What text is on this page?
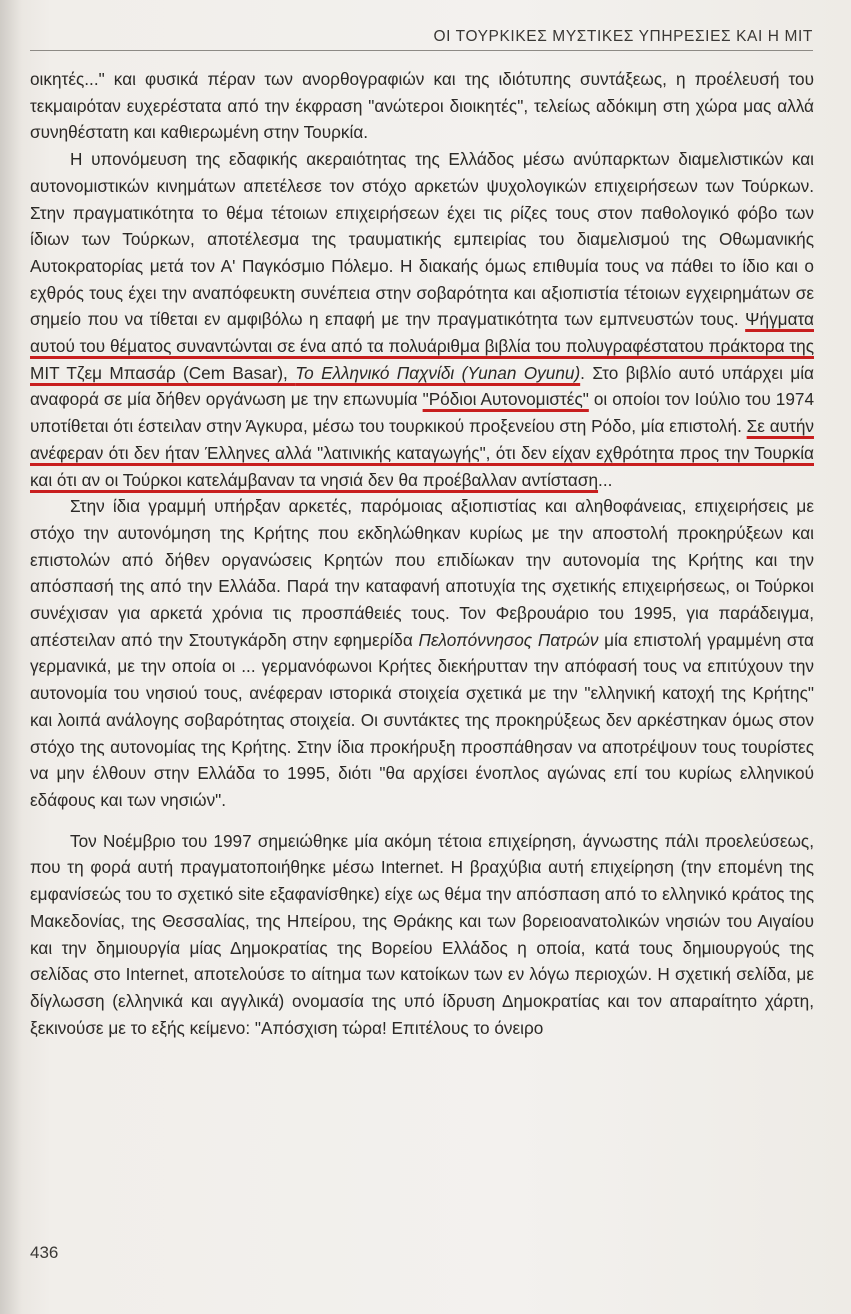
ΟΙ ΤΟΥΡΚΙΚΕΣ ΜΥΣΤΙΚΕΣ ΥΠΗΡΕΣΙΕΣ ΚΑΙ Η ΜΙΤ

οικητές..." και φυσικά πέραν των ανορθογραφιών και της ιδιότυπης συντάξεως, η προέλευσή του τεκμαιρόταν ευχερέστατα από την έκφραση "ανώτεροι διοικητές", τελείως αδόκιμη στη χώρα μας αλλά συνηθέστατη και καθιερωμένη στην Τουρκία.

Η υπονόμευση της εδαφικής ακεραιότητας της Ελλάδος μέσω ανύπαρκτων διαμελιστικών και αυτονομιστικών κινημάτων απετέλεσε τον στόχο αρκετών ψυχολογικών επιχειρήσεων των Τούρκων. Στην πραγματικότητα το θέμα τέτοιων επιχειρήσεων έχει τις ρίζες τους στον παθολογικό φόβο των ίδιων των Τούρκων, αποτέλεσμα της τραυματικής εμπειρίας του διαμελισμού της Οθωμανικής Αυτοκρατορίας μετά τον Α' Παγκόσμιο Πόλεμο. Η διακαής όμως επιθυμία τους να πάθει το ίδιο και ο εχθρός τους έχει την αναπόφευκτη συνέπεια στην σοβαρότητα και αξιοπιστία τέτοιων εγχειρημάτων σε σημείο που να τίθεται εν αμφιβόλω η επαφή με την πραγματικότητα των εμπνευστών τους. Ψήγματα αυτού του θέματος συναντώνται σε ένα από τα πολυάριθμα βιβλία του πολυγραφέστατου πράκτορα της ΜΙΤ Τζεμ Μπασάρ (Cem Basar), Το Ελληνικό Παχνίδι (Yunan Oyunu). Στο βιβλίο αυτό υπάρχει μία αναφορά σε μία δήθεν οργάνωση με την επωνυμία "Ρόδιοι Αυτονομιστές" οι οποίοι τον Ιούλιο του 1974 υποτίθεται ότι έστειλαν στην Άγκυρα, μέσω του τουρκικού προξενείου στη Ρόδο, μία επιστολή. Σε αυτήν ανέφεραν ότι δεν ήταν Έλληνες αλλά "λατινικής καταγωγής", ότι δεν είχαν εχθρότητα προς την Τουρκία και ότι αν οι Τούρκοι κατελάμβαναν τα νησιά δεν θα προέβαλλαν αντίσταση...

Στην ίδια γραμμή υπήρξαν αρκετές, παρόμοιας αξιοπιστίας και αληθοφάνειας, επιχειρήσεις με στόχο την αυτονόμηση της Κρήτης που εκδηλώθηκαν κυρίως με την αποστολή προκηρύξεων και επιστολών από δήθεν οργανώσεις Κρητών που επιδίωκαν την αυτονομία της Κρήτης και την απόσπασή της από την Ελλάδα. Παρά την καταφανή αποτυχία της σχετικής επιχειρήσεως, οι Τούρκοι συνέχισαν για αρκετά χρόνια τις προσπάθειές τους. Τον Φεβρουάριο του 1995, για παράδειγμα, απέστειλαν από την Στουτγκάρδη στην εφημερίδα Πελοπόννησος Πατρών μία επιστολή γραμμένη στα γερμανικά, με την οποία οι ... γερμανόφωνοι Κρήτες διεκήρυτταν την απόφασή τους να επιτύχουν την αυτονομία του νησιού τους, ανέφεραν ιστορικά στοιχεία σχετικά με την "ελληνική κατοχή της Κρήτης" και λοιπά ανάλογης σοβαρότητας στοιχεία. Οι συντάκτες της προκηρύξεως δεν αρκέστηκαν όμως στον στόχο της αυτονομίας της Κρήτης. Στην ίδια προκήρυξη προσπάθησαν να αποτρέψουν τους τουρίστες να μην έλθουν στην Ελλάδα το 1995, διότι "θα αρχίσει ένοπλος αγώνας επί του κυρίως ελληνικού εδάφους και των νησιών".

Τον Νοέμβριο του 1997 σημειώθηκε μία ακόμη τέτοια επιχείρηση, άγνωστης πάλι προελεύσεως, που τη φορά αυτή πραγματοποιήθηκε μέσω Internet. Η βραχύβια αυτή επιχείρηση (την επομένη της εμφανίσεώς του το σχετικό site εξαφανίσθηκε) είχε ως θέμα την απόσπαση από το ελληνικό κράτος της Μακεδονίας, της Θεσσαλίας, της Ηπείρου, της Θράκης και των βορειοανατολικών νησιών του Αιγαίου και την δημιουργία μίας Δημοκρατίας της Βορείου Ελλάδος η οποία, κατά τους δημιουργούς της σελίδας στο Internet, αποτελούσε το αίτημα των κατοίκων των εν λόγω περιοχών. Η σχετική σελίδα, με δίγλωσση (ελληνικά και αγγλικά) ονομασία της υπό ίδρυση Δημοκρατίας και τον απαραίτητο χάρτη, ξεκινούσε με το εξής κείμενο: "Απόσχιση τώρα! Επιτέλους το όνειρο

436
